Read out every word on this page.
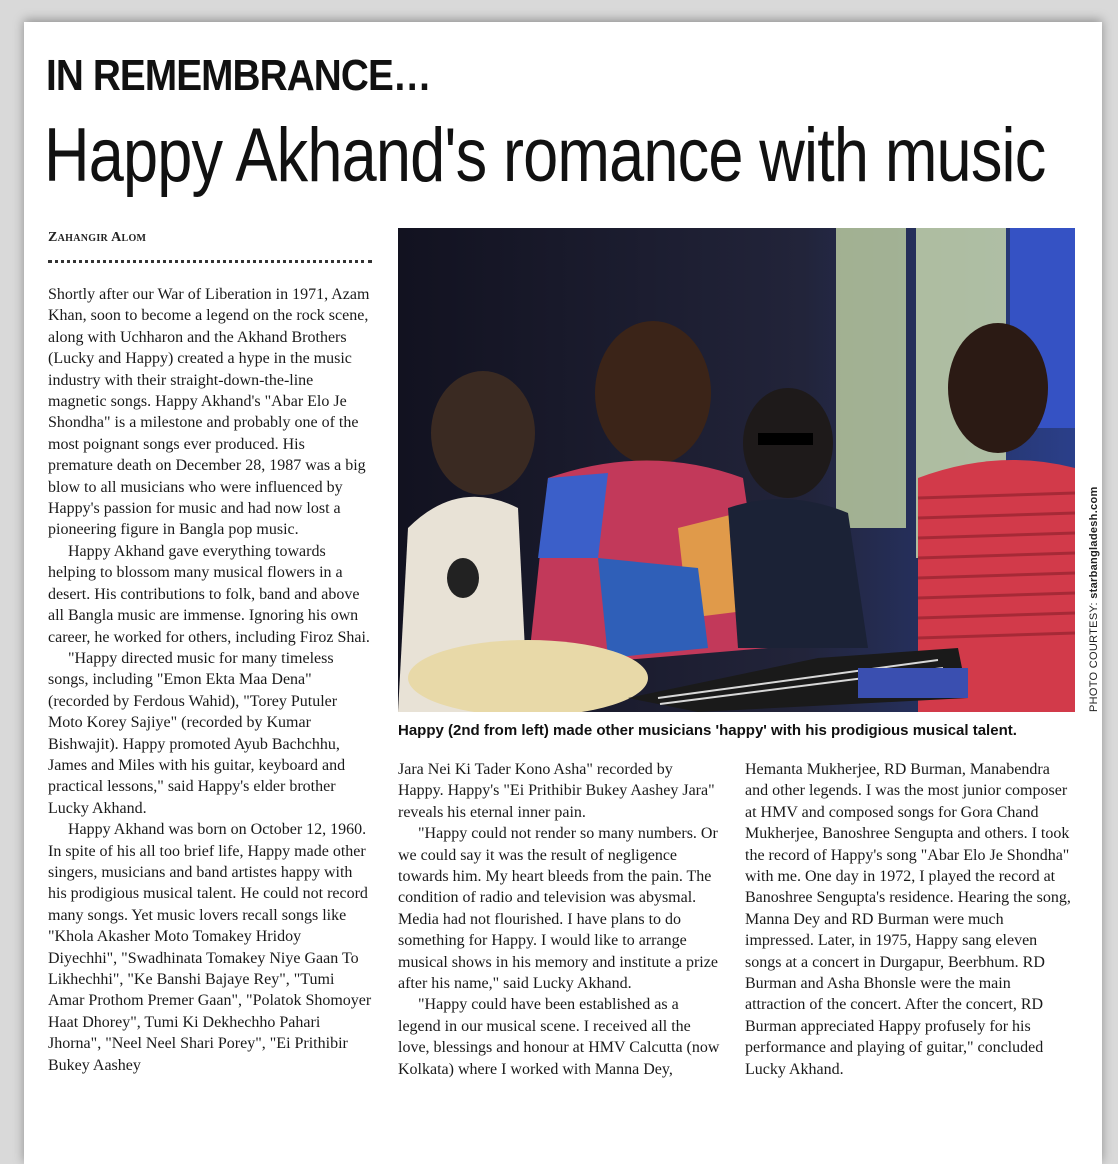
IN REMEMBRANCE…
Happy Akhand's romance with music
Zahangir Alom

Shortly after our War of Liberation in 1971, Azam Khan, soon to become a legend on the rock scene, along with Uchharon and the Akhand Brothers (Lucky and Happy) created a hype in the music industry with their straight-down-the-line magnetic songs. Happy Akhand's "Abar Elo Je Shondha" is a milestone and probably one of the most poignant songs ever produced. His premature death on December 28, 1987 was a big blow to all musicians who were influenced by Happy's passion for music and had now lost a pioneering figure in Bangla pop music.

Happy Akhand gave everything towards helping to blossom many musical flowers in a desert. His contributions to folk, band and above all Bangla music are immense. Ignoring his own career, he worked for others, including Firoz Shai.

"Happy directed music for many timeless songs, including "Emon Ekta Maa Dena" (recorded by Ferdous Wahid), "Torey Putuler Moto Korey Sajiye" (recorded by Kumar Bishwajit). Happy promoted Ayub Bachchhu, James and Miles with his guitar, keyboard and practical lessons," said Happy's elder brother Lucky Akhand.

Happy Akhand was born on October 12, 1960. In spite of his all too brief life, Happy made other singers, musicians and band artistes happy with his prodigious musical talent. He could not record many songs. Yet music lovers recall songs like "Khola Akasher Moto Tomakey Hridoy Diyechhi", "Swadhinata Tomakey Niye Gaan To Likhechhi", "Ke Banshi Bajaye Rey", "Tumi Amar Prothom Premer Gaan", "Polatok Shomoyer Haat Dhorey", Tumi Ki Dekhechho Pahari Jhorna", "Neel Neel Shari Porey", "Ei Prithibir Bukey Aashey

Happy (2nd from left) made other musicians 'happy' with his prodigious musical talent.
PHOTO COURTESY: starbangladesh.com

Jara Nei Ki Tader Kono Asha" recorded by Happy. Happy's "Ei Prithibir Bukey Aashey Jara" reveals his eternal inner pain.

"Happy could not render so many numbers. Or we could say it was the result of negligence towards him. My heart bleeds from the pain. The condition of radio and television was abysmal. Media had not flourished. I have plans to do something for Happy. I would like to arrange musical shows in his memory and institute a prize after his name," said Lucky Akhand.

"Happy could have been established as a legend in our musical scene. I received all the love, blessings and honour at HMV Calcutta (now Kolkata) where I worked with Manna Dey,

Hemanta Mukherjee, RD Burman, Manabendra and other legends. I was the most junior composer at HMV and composed songs for Gora Chand Mukherjee, Banoshree Sengupta and others. I took the record of Happy's song "Abar Elo Je Shondha" with me. One day in 1972, I played the record at Banoshree Sengupta's residence. Hearing the song, Manna Dey and RD Burman were much impressed. Later, in 1975, Happy sang eleven songs at a concert in Durgapur, Beerbhum. RD Burman and Asha Bhonsle were the main attraction of the concert. After the concert, RD Burman appreciated Happy profusely for his performance and playing of guitar," concluded Lucky Akhand.
